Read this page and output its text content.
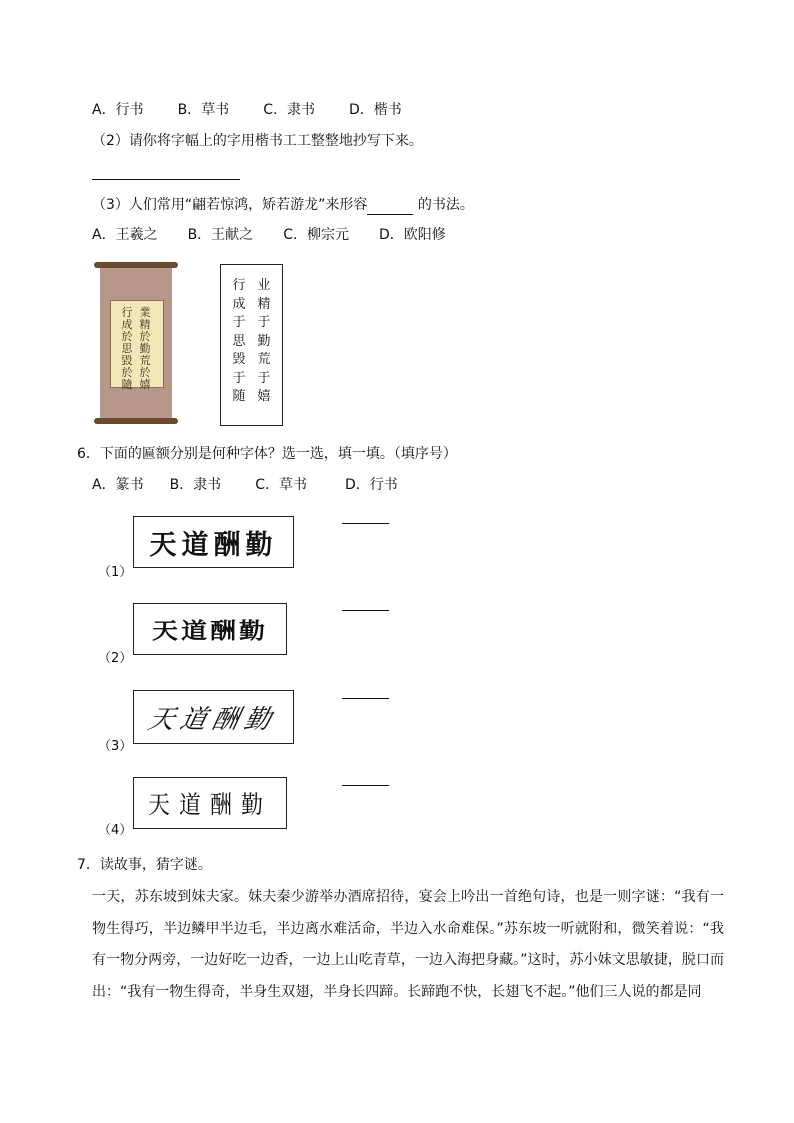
A．行书 B．草书 C．隶书 D．楷书
（2）请你将字幅上的字用楷书工工整整地抄写下来。
（3）人们常用“翩若惊鸿，矫若游龙”来形容	的书法。
A．王羲之 B．王献之 C．柳宗元 D．欧阳修
業精於勤荒於嬉
行成於思毀於隨
业精于勤荒于嬉
行成于思毁于随
6．下面的匾额分别是何种字体？选一选，填一填。（填序号）
A．篆书 B．隶书 C．草书	D．行书
天道酬勤
（1）
天道酬勤
（2）
天道酬勤
（3）
天道酬勤
（4）
7．读故事，猜字谜。
一天，苏东坡到妹夫家。妹夫秦少游举办酒席招待，宴会上吟出一首绝句诗，也是一则字谜：“我有一物生得巧，半边鳞甲半边毛，半边离水难活命，半边入水命难保。”苏东坡一听就附和，微笑着说：“我有一物分两旁，一边好吃一边香，一边上山吃青草，一边入海把身藏。”这时，苏小妹文思敏捷，脱口而出：“我有一物生得奇，半身生双翅，半身长四蹄。长蹄跑不快，长翅飞不起。”他们三人说的都是同
